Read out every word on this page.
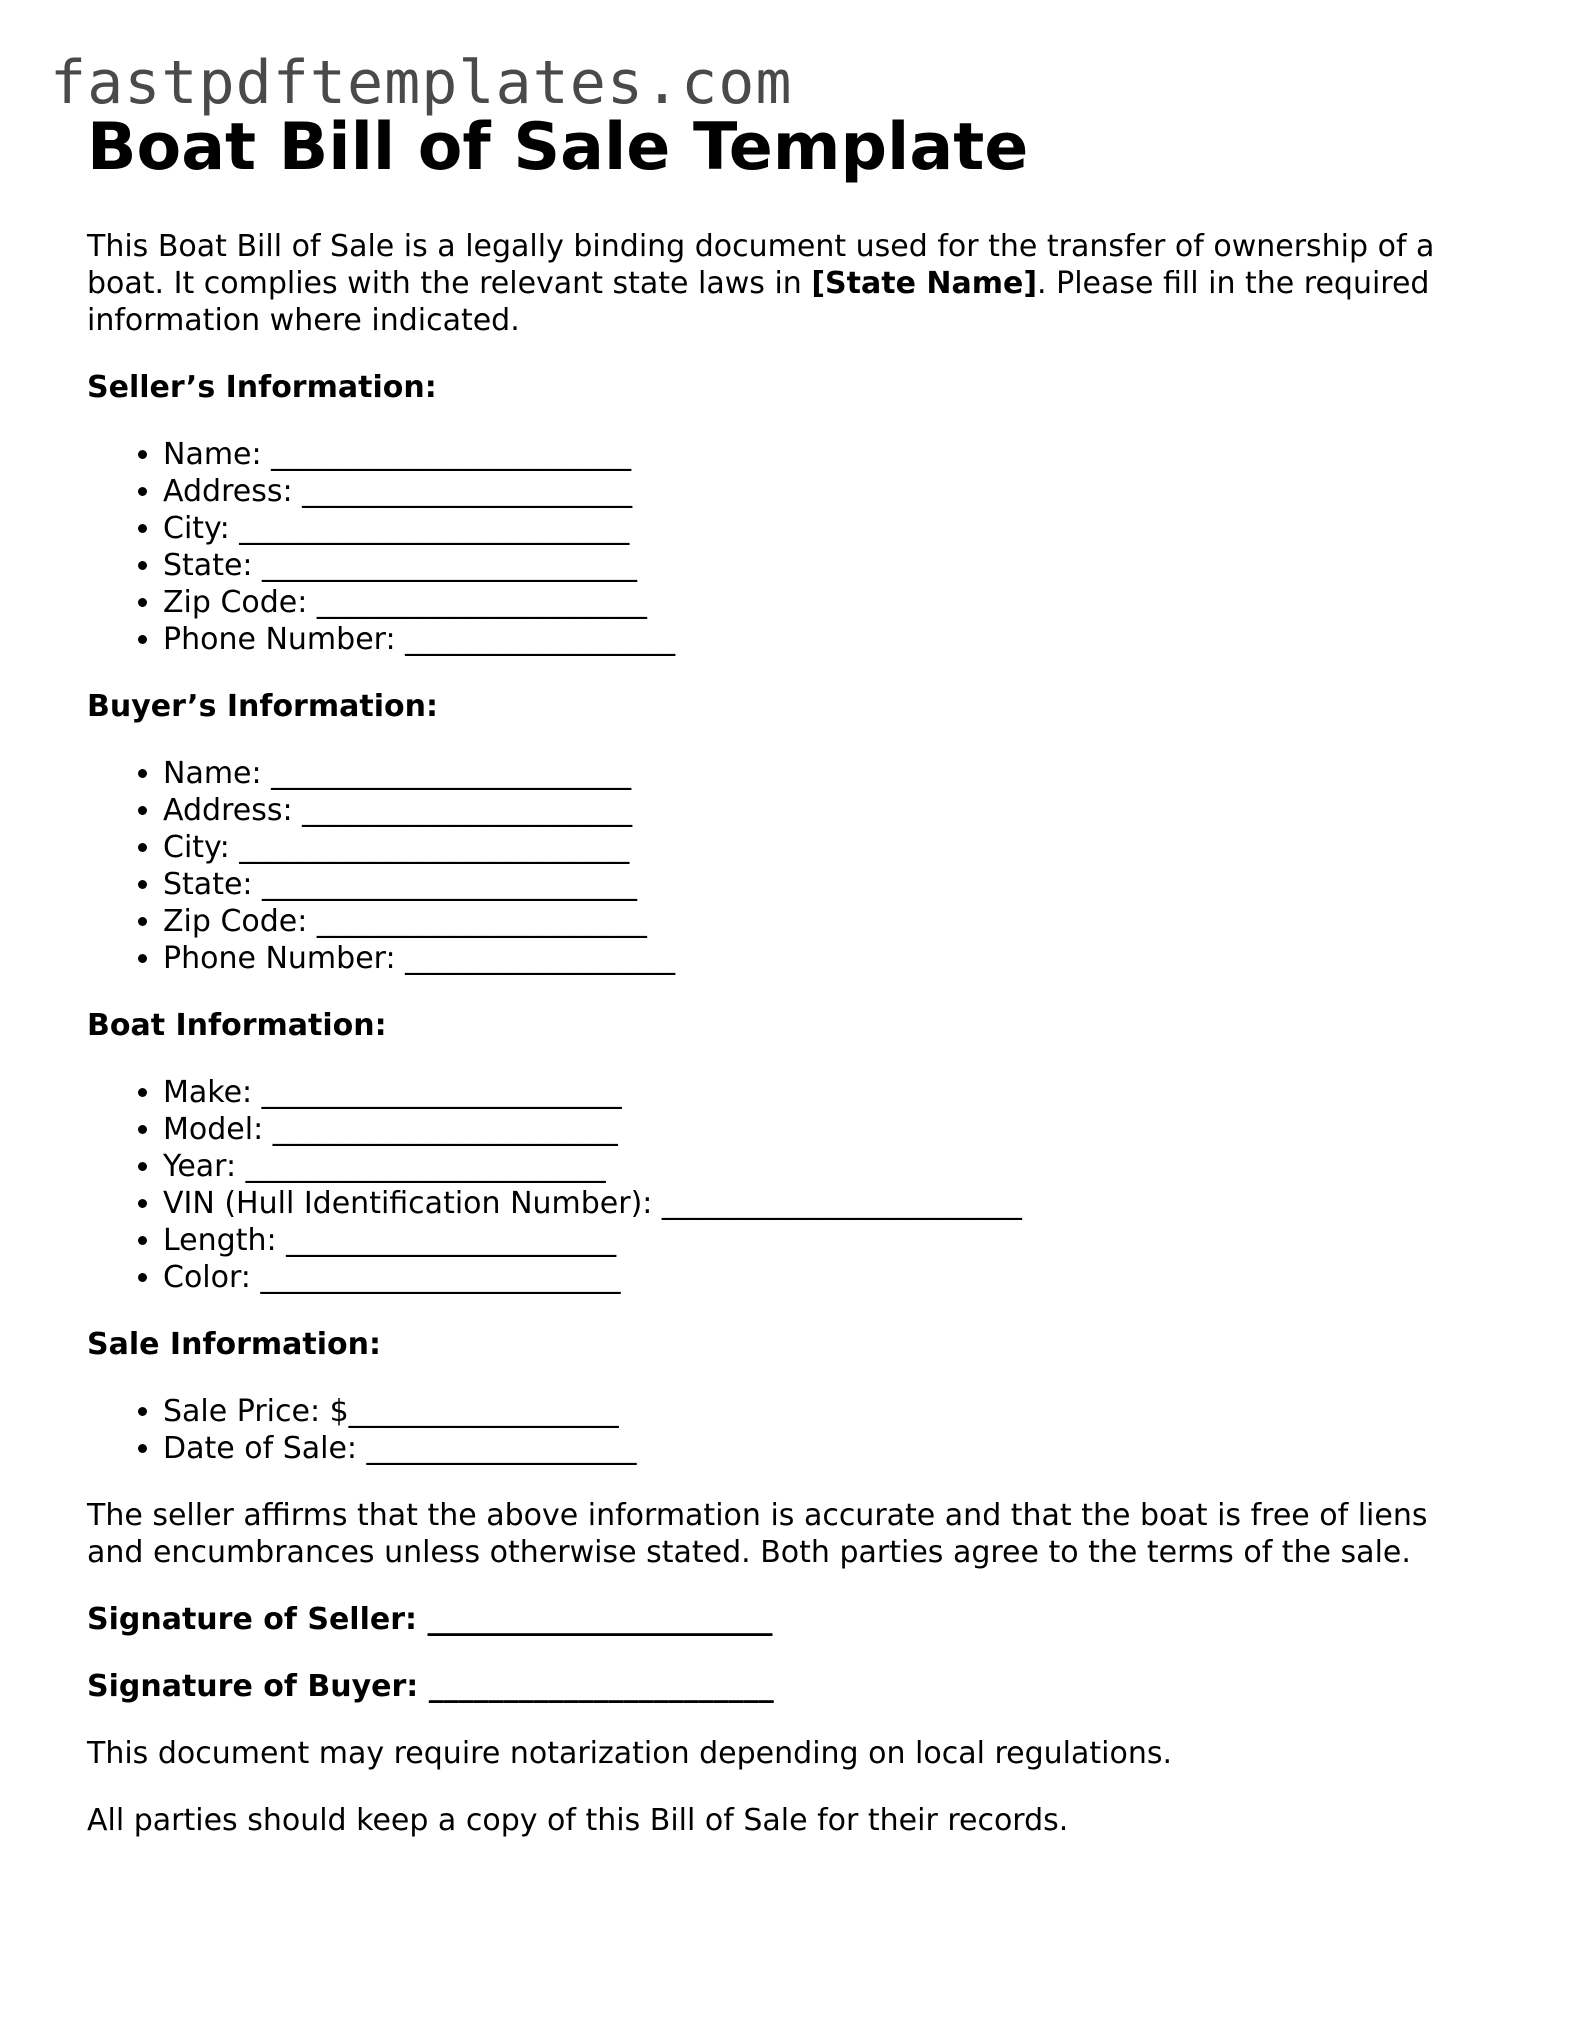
fastpdftemplates.com
Boat Bill of Sale Template

This Boat Bill of Sale is a legally binding document used for the transfer of ownership of a boat. It complies with the relevant state laws in [State Name]. Please fill in the required information where indicated.

Seller’s Information:

• Name: ________________________
• Address: ______________________
• City: __________________________
• State: _________________________
• Zip Code: ______________________
• Phone Number: __________________

Buyer’s Information:

• Name: ________________________
• Address: ______________________
• City: __________________________
• State: _________________________
• Zip Code: ______________________
• Phone Number: __________________

Boat Information:

• Make: ________________________
• Model: _______________________
• Year: ________________________
• VIN (Hull Identification Number): ________________________
• Length: ______________________
• Color: ________________________

Sale Information:

• Sale Price: $__________________
• Date of Sale: __________________

The seller affirms that the above information is accurate and that the boat is free of liens and encumbrances unless otherwise stated. Both parties agree to the terms of the sale.

Signature of Seller: _______________________

Signature of Buyer: _______________________

This document may require notarization depending on local regulations.

All parties should keep a copy of this Bill of Sale for their records.
